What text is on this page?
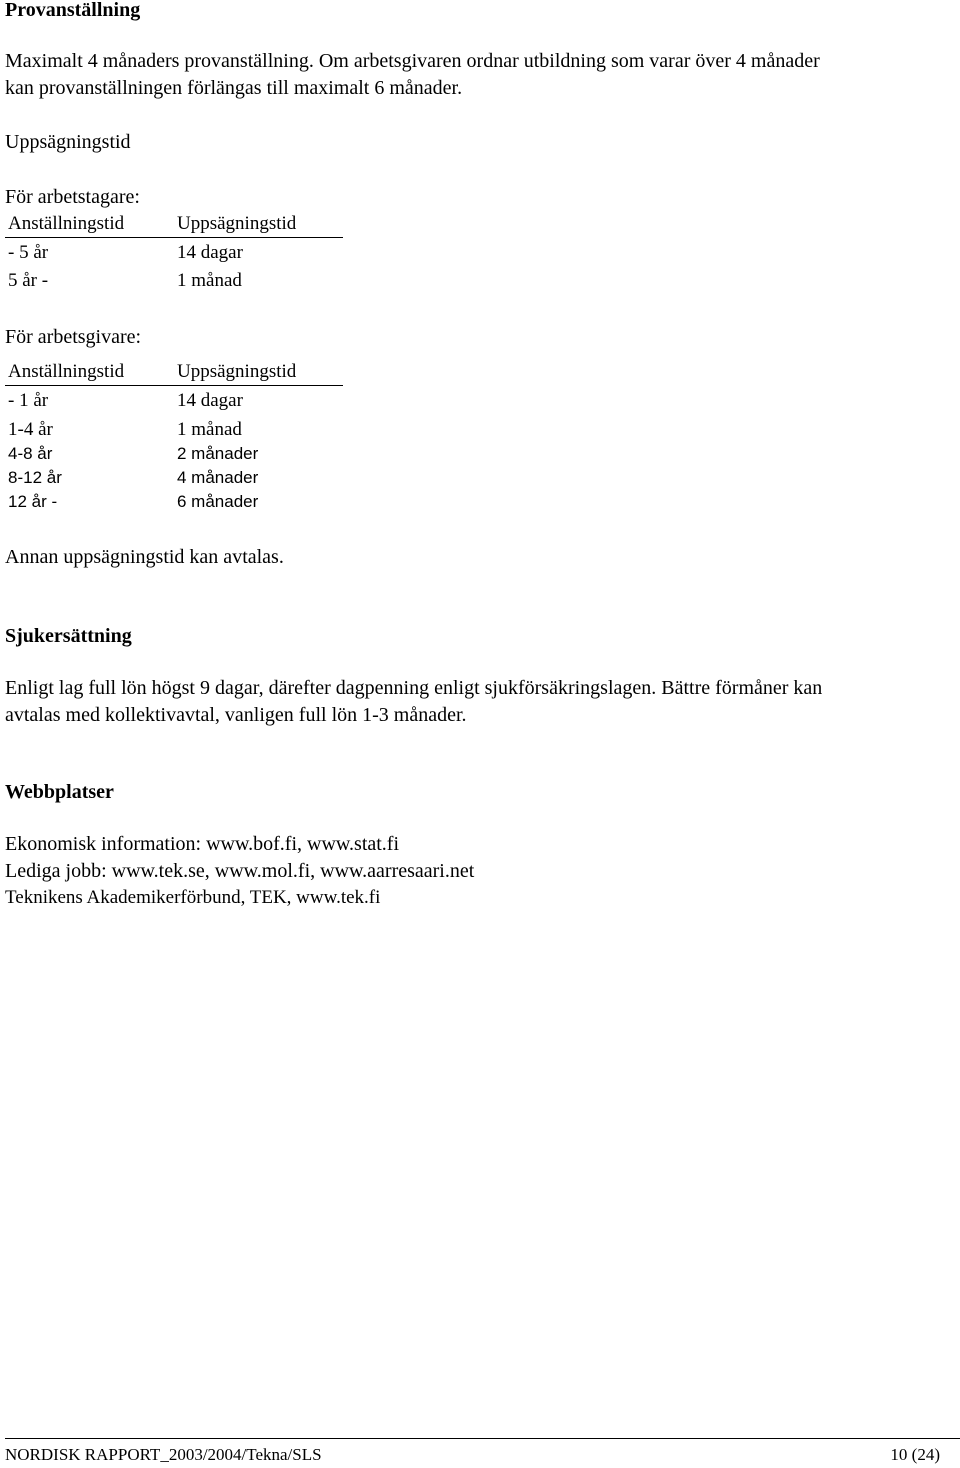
Provanställning
Maximalt 4 månaders provanställning. Om arbetsgivaren ordnar utbildning som varar över 4 månader
kan provanställningen förlängas till maximalt 6 månader.
Uppsägningstid
För arbetstagare:
Anställningstid	Uppsägningstid
- 5 år	14 dagar
5 år -	1 månad
För arbetsgivare:
Anställningstid	Uppsägningstid
- 1 år	14 dagar
1-4 år	1 månad
4-8 år	2 månader
8-12 år	4 månader
12 år -	6 månader
Annan uppsägningstid kan avtalas.
Sjukersättning
Enligt lag full lön högst 9 dagar, därefter dagpenning enligt sjukförsäkringslagen. Bättre förmåner kan
avtalas med kollektivavtal, vanligen full lön 1-3 månader.
Webbplatser
Ekonomisk information: www.bof.fi, www.stat.fi
Lediga jobb: www.tek.se, www.mol.fi, www.aarresaari.net
Teknikens Akademikerförbund, TEK, www.tek.fi
NORDISK RAPPORT_2003/2004/Tekna/SLS	10 (24)
